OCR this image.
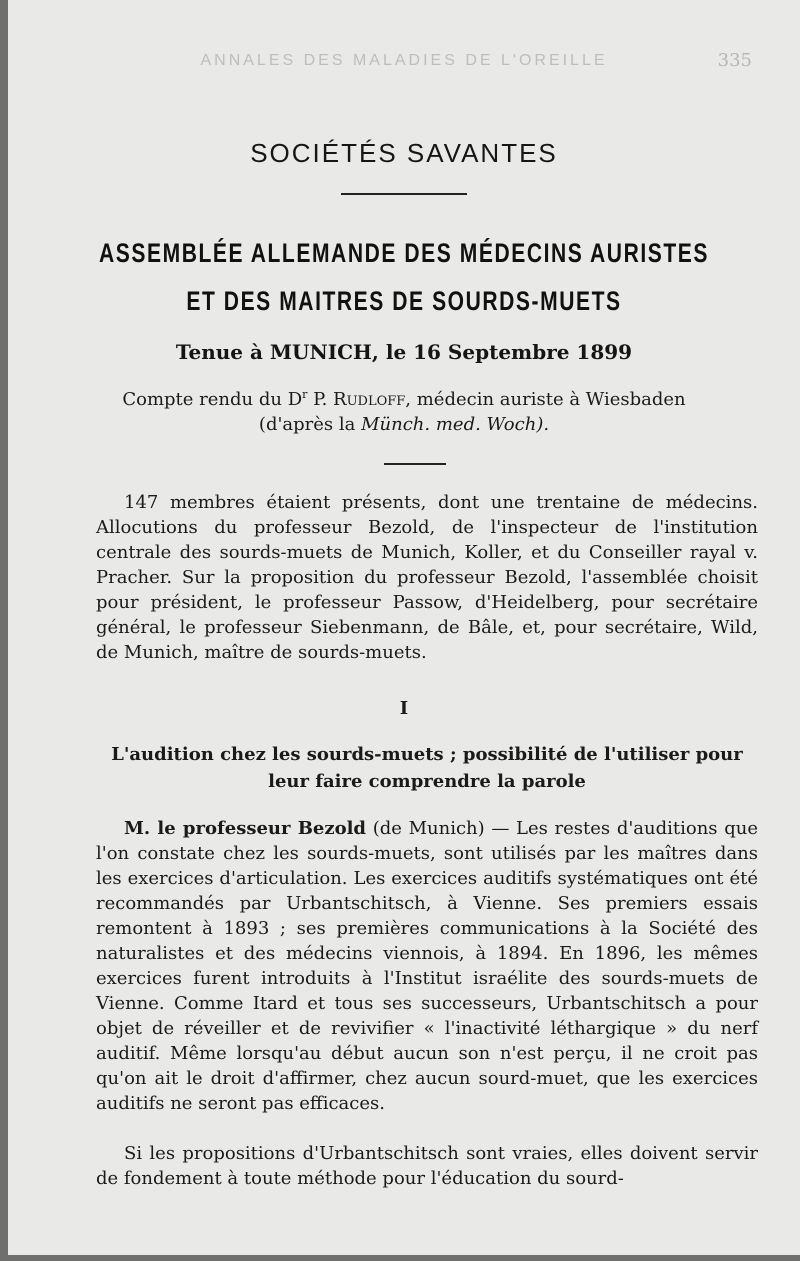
ANNALES DES MALADIES DE L'OREILLE	335
SOCIÉTÉS SAVANTES
ASSEMBLÉE ALLEMANDE DES MÉDECINS AURISTES
ET DES MAITRES DE SOURDS-MUETS
Tenue à MUNICH, le 16 Septembre 1899
Compte rendu du $D^r$ P. Rudloff, médecin auriste à Wiesbaden
(d'après la Münch. med. Woch).

147 membres étaient présents, dont une trentaine de médecins. Allocutions du professeur Bezold, de l'inspecteur de l'institution centrale des sourds-muets de Munich, Koller, et du Conseiller rayal v. Pracher. Sur la proposition du professeur Bezold, l'assemblée choisit pour président, le professeur Passow, d'Heidelberg, pour secrétaire général, le professeur Siebenmann, de Bâle, et, pour secrétaire, Wild, de Munich, maître de sourds-muets.

I
L'audition chez les sourds-muets ; possibilité de l'utiliser pour leur faire comprendre la parole

M. le professeur Bezold (de Munich) — Les restes d'auditions que l'on constate chez les sourds-muets, sont utilisés par les maîtres dans les exercices d'articulation. Les exercices auditifs systématiques ont été recommandés par Urbantschitsch, à Vienne. Ses premiers essais remontent à 1893 ; ses premières communications à la Société des naturalistes et des médecins viennois, à 1894. En 1896, les mêmes exercices furent introduits à l'Institut israélite des sourds-muets de Vienne. Comme Itard et tous ses successeurs, Urbantschitsch a pour objet de réveiller et de revivifier « l'inactivité léthargique » du nerf auditif. Même lorsqu'au début aucun son n'est perçu, il ne croit pas qu'on ait le droit d'affirmer, chez aucun sourd-muet, que les exercices auditifs ne seront pas efficaces.

Si les propositions d'Urbantschitsch sont vraies, elles doivent servir de fondement à toute méthode pour l'éducation du sourd-
